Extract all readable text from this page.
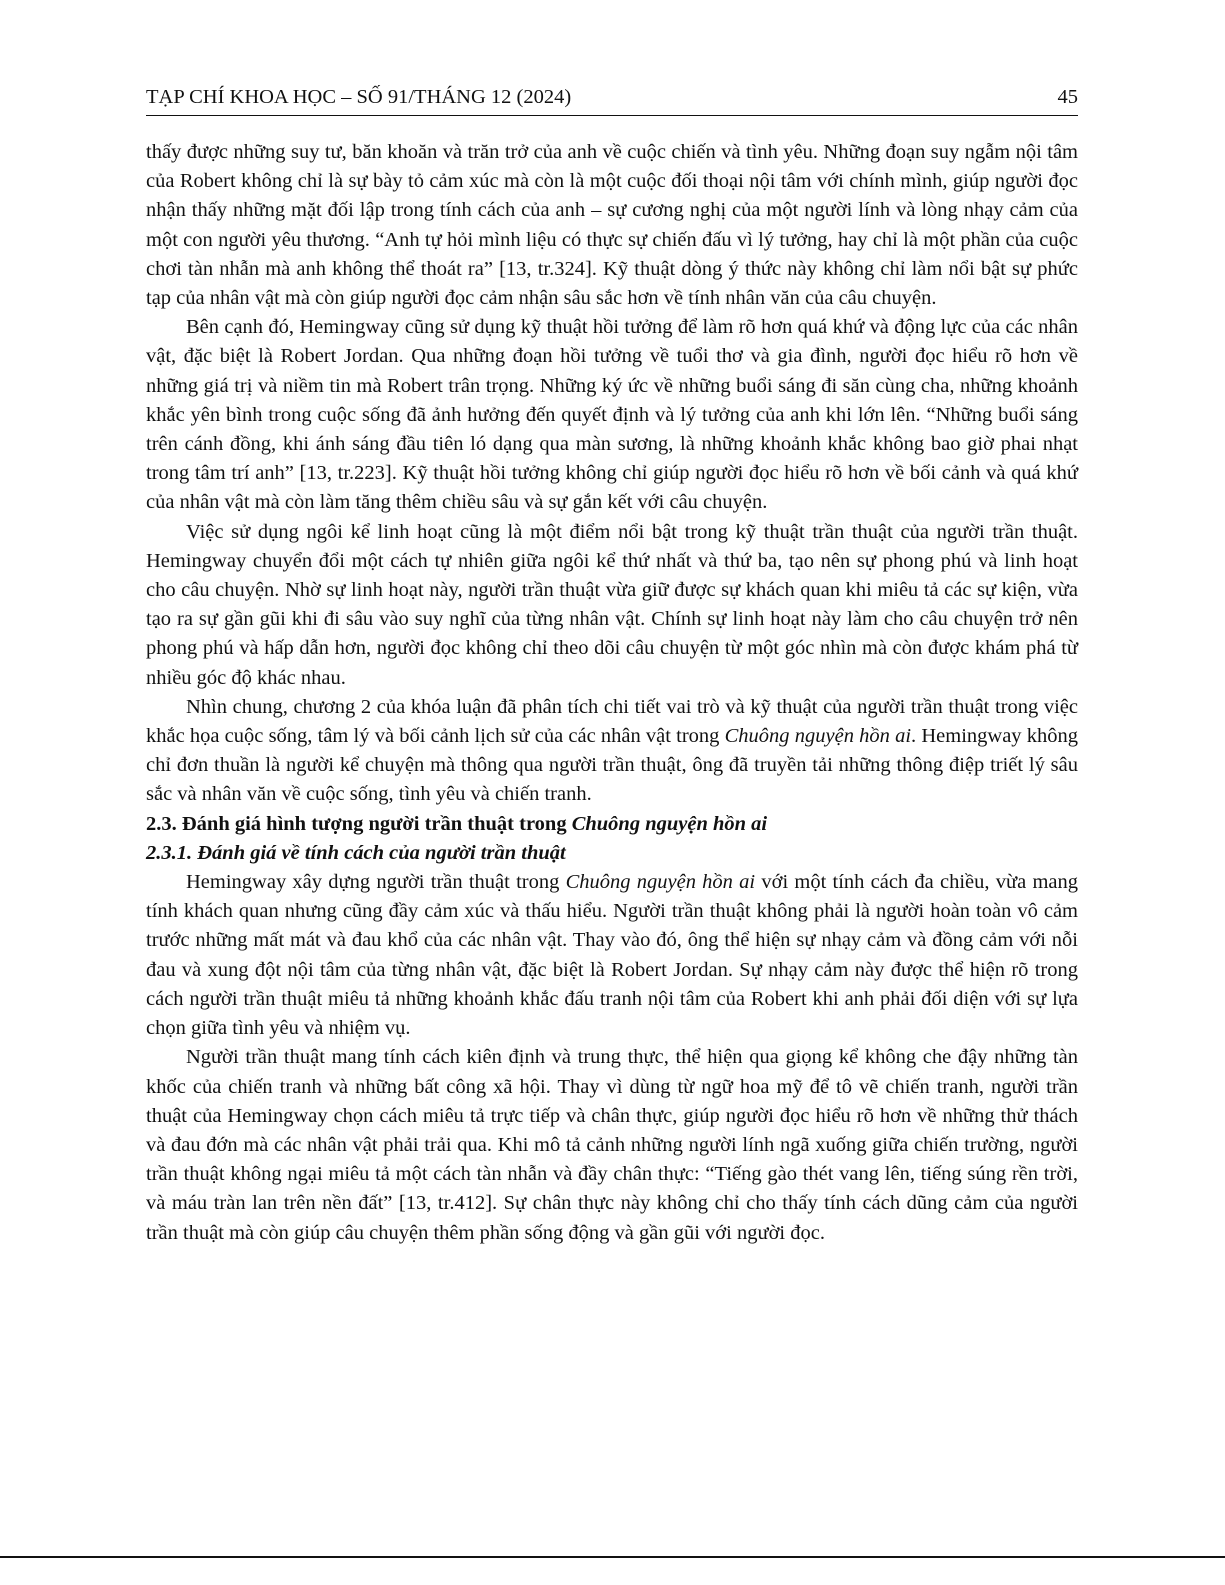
TẠP CHÍ KHOA HỌC – SỐ 91/THÁNG 12 (2024)	45

thấy được những suy tư, băn khoăn và trăn trở của anh về cuộc chiến và tình yêu. Những đoạn suy ngẫm nội tâm của Robert không chỉ là sự bày tỏ cảm xúc mà còn là một cuộc đối thoại nội tâm với chính mình, giúp người đọc nhận thấy những mặt đối lập trong tính cách của anh – sự cương nghị của một người lính và lòng nhạy cảm của một con người yêu thương. “Anh tự hỏi mình liệu có thực sự chiến đấu vì lý tưởng, hay chỉ là một phần của cuộc chơi tàn nhẫn mà anh không thể thoát ra” [13, tr.324]. Kỹ thuật dòng ý thức này không chỉ làm nổi bật sự phức tạp của nhân vật mà còn giúp người đọc cảm nhận sâu sắc hơn về tính nhân văn của câu chuyện.

Bên cạnh đó, Hemingway cũng sử dụng kỹ thuật hồi tưởng để làm rõ hơn quá khứ và động lực của các nhân vật, đặc biệt là Robert Jordan. Qua những đoạn hồi tưởng về tuổi thơ và gia đình, người đọc hiểu rõ hơn về những giá trị và niềm tin mà Robert trân trọng. Những ký ức về những buổi sáng đi săn cùng cha, những khoảnh khắc yên bình trong cuộc sống đã ảnh hưởng đến quyết định và lý tưởng của anh khi lớn lên. “Những buổi sáng trên cánh đồng, khi ánh sáng đầu tiên ló dạng qua màn sương, là những khoảnh khắc không bao giờ phai nhạt trong tâm trí anh” [13, tr.223]. Kỹ thuật hồi tưởng không chỉ giúp người đọc hiểu rõ hơn về bối cảnh và quá khứ của nhân vật mà còn làm tăng thêm chiều sâu và sự gắn kết với câu chuyện.

Việc sử dụng ngôi kể linh hoạt cũng là một điểm nổi bật trong kỹ thuật trần thuật của người trần thuật. Hemingway chuyển đổi một cách tự nhiên giữa ngôi kể thứ nhất và thứ ba, tạo nên sự phong phú và linh hoạt cho câu chuyện. Nhờ sự linh hoạt này, người trần thuật vừa giữ được sự khách quan khi miêu tả các sự kiện, vừa tạo ra sự gần gũi khi đi sâu vào suy nghĩ của từng nhân vật. Chính sự linh hoạt này làm cho câu chuyện trở nên phong phú và hấp dẫn hơn, người đọc không chỉ theo dõi câu chuyện từ một góc nhìn mà còn được khám phá từ nhiều góc độ khác nhau.

Nhìn chung, chương 2 của khóa luận đã phân tích chi tiết vai trò và kỹ thuật của người trần thuật trong việc khắc họa cuộc sống, tâm lý và bối cảnh lịch sử của các nhân vật trong Chuông nguyện hồn ai. Hemingway không chỉ đơn thuần là người kể chuyện mà thông qua người trần thuật, ông đã truyền tải những thông điệp triết lý sâu sắc và nhân văn về cuộc sống, tình yêu và chiến tranh.

2.3. Đánh giá hình tượng người trần thuật trong Chuông nguyện hồn ai

2.3.1. Đánh giá về tính cách của người trần thuật

Hemingway xây dựng người trần thuật trong Chuông nguyện hồn ai với một tính cách đa chiều, vừa mang tính khách quan nhưng cũng đầy cảm xúc và thấu hiểu. Người trần thuật không phải là người hoàn toàn vô cảm trước những mất mát và đau khổ của các nhân vật. Thay vào đó, ông thể hiện sự nhạy cảm và đồng cảm với nỗi đau và xung đột nội tâm của từng nhân vật, đặc biệt là Robert Jordan. Sự nhạy cảm này được thể hiện rõ trong cách người trần thuật miêu tả những khoảnh khắc đấu tranh nội tâm của Robert khi anh phải đối diện với sự lựa chọn giữa tình yêu và nhiệm vụ.

Người trần thuật mang tính cách kiên định và trung thực, thể hiện qua giọng kể không che đậy những tàn khốc của chiến tranh và những bất công xã hội. Thay vì dùng từ ngữ hoa mỹ để tô vẽ chiến tranh, người trần thuật của Hemingway chọn cách miêu tả trực tiếp và chân thực, giúp người đọc hiểu rõ hơn về những thử thách và đau đớn mà các nhân vật phải trải qua. Khi mô tả cảnh những người lính ngã xuống giữa chiến trường, người trần thuật không ngại miêu tả một cách tàn nhẫn và đầy chân thực: “Tiếng gào thét vang lên, tiếng súng rền trời, và máu tràn lan trên nền đất” [13, tr.412]. Sự chân thực này không chỉ cho thấy tính cách dũng cảm của người trần thuật mà còn giúp câu chuyện thêm phần sống động và gần gũi với người đọc.
